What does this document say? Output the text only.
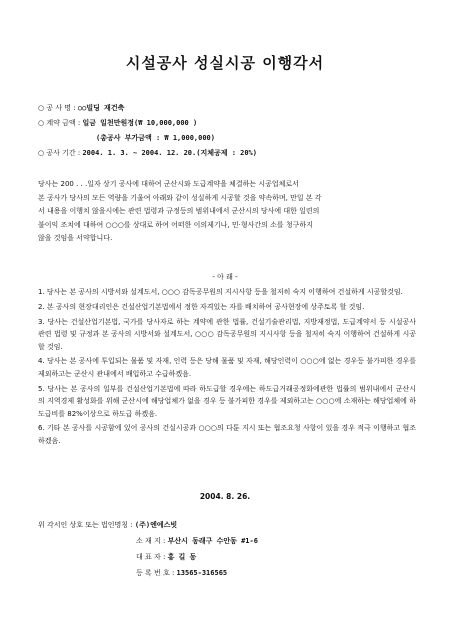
시설공사 성실시공 이행각서
○ 공 사 명 : ○○빌딩 재건축
○ 계약 금액 : 일금 일천만원정(₩ 10,000,000 )
(총공사 부가금액 : ₩ 1,000,000)
○ 공사 기간 : 2004. 1. 3. ~ 2004. 12. 20.(지체공제 : 20%)
당사는 200 . . .일자 상기 공사에 대하여 군산시와 도급계약을 체결하는 시공업체로서
본 공사가 당사의 모든 역량을 기울여 아래와 같이 성실하게 시공할 것을 약속하며, 만일 본 각
서 내용을 이행치 않을시에는 관련 법령과 규정등의 범위내에서 군산시의 당사에 대한 일련의
불이익 조치에 대하여 ○○○를 상대로 하여 어떠한 이의제기나, 민·형사간의 소를 청구하지
않을 것임을 서약합니다.
- 아 래 -
1. 당사는 본 공사의 시방서와 설계도서, ○○○ 감독공무원의 지시사항 등을 철저히 숙지 이행하여 건설하게 시공할것임.
2. 본 공사의 현장대리인은 건설산업기본법에서 정한 자격있는 자를 배치하여 공사현장에 상주토록 할 것임.
3. 당사는 건설산업기본법, 국가를 당사자로 하는 계약에 관한 법률, 건설기술관리법, 지방재정법, 도급계약서 등 시설공사 관련 법령 및 규정과 본 공사의 시방서와 설계도서, ○○○ 감독공무원의 지시사항 등을 철저히 숙지 이행하여 건설하게 시공할 것임.
4. 당사는 본 공사에 투입되는 물품 및 자재, 인력 등은 당해 물품 및 자재, 해당인력이 ○○○에 없는 경우등 불가피한 경우를 제외하고는 군산시 관내에서 배입하고 수급하겠음.
5. 당사는 본 공사의 일부를 건설산업기본법에 따라 하도급할 경우에는 하도급거래공정화에관한 법률의 범위내에서 군산시 의 지역경제 활성화를 위해 군산시에 해당업체가 없을 경우 등 불가피한 경우를 제외하고는 ○○○에 소재하는 해당업체에 하도급비를 82%이상으로 하도급 하겠음.
6. 기타 본 공사를 시공함에 있어 공사의 건실시공과 ○○○의 다툰 지시 또는 협조요청 사항이 있을 경우 적극 이행하고 협조 하겠음.
2004. 8. 26.
위 각서인 상호 또는 법인명칭 : (주)엔에스빗
소 재 지 : 부산시 동래구 수안동 #1-6
대 표 자 : 홍 길 동
등 록 번 호 : 13565-316565
